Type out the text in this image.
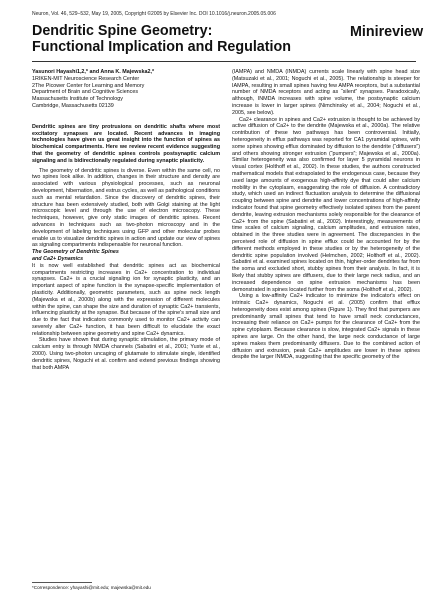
Neuron, Vol. 46, 529–532, May 19, 2005, Copyright ©2005 by Elsevier Inc. DOI 10.1016/j.neuron.2005.05.006
Dendritic Spine Geometry:
Functional Implication and Regulation
Minireview

Yasunori Hayashi1,2,* and Anna K. Majewska2,*
1RIKEN-MIT Neuroscience Research Center
2The Picower Center for Learning and Memory
Department of Brain and Cognitive Sciences
Massachusetts Institute of Technology
Cambridge, Massachusetts 02139

Dendritic spines are tiny protrusions on dendritic shafts where most excitatory synapses are located. Recent advances in imaging technologies have given us great insight into the function of spines as biochemical compartments. Here we review recent evidence suggesting that the geometry of dendritic spines controls postsynaptic calcium signaling and is bidirectionally regulated during synaptic plasticity.

The geometry of dendritic spines is diverse. Even within the same cell, no two spines look alike. In addition, changes in their structure and density are associated with various physiological processes, such as neuronal development, hibernation, and estrus cycles, as well as pathological conditions such as mental retardation. Since the discovery of dendritic spines, their structure has been extensively studied, both with Golgi staining at the light microscopic level and through the use of electron microscopy. These techniques, however, give only static images of dendritic spines. Recent advances in techniques such as two-photon microscopy and in the development of labeling techniques using GFP and other molecular probes enable us to visualize dendritic spines in action and update our view of spines as signaling compartments indispensable for neuronal function.

The Geometry of Dendritic Spines
and Ca2+ Dynamics

It is now well established that dendritic spines act as biochemical compartments restricting increases in Ca2+ concentration to individual synapses. Ca2+ is a crucial signaling ion for synaptic plasticity, and an important aspect of spine function is the synapse-specific implementation of plasticity. Additionally, geometric parameters, such as spine neck length (Majewska et al., 2000b) along with the expression of different molecules within the spine, can shape the size and duration of synaptic Ca2+ transients, influencing plasticity at the synapse. But because of the spine's small size and due to the fact that indicators commonly used to monitor Ca2+ activity can severely alter Ca2+ function, it has been difficult to elucidate the exact relationship between spine geometry and spine Ca2+ dynamics.

Studies have shown that during synaptic stimulation, the primary mode of calcium entry is through NMDA channels (Sabatini et al., 2001; Yuste et al., 2000). Using two-photon uncaging of glutamate to stimulate single, identified dendritic spines, Noguchi et al. confirm and extend previous findings showing that both AMPA

(IAMPA) and NMDA (INMDA) currents scale linearly with spine head size (Matsuzaki et al., 2001; Noguchi et al., 2005). The relationship is steeper for IAMPA, resulting in small spines having few AMPA receptors, but a substantial number of NMDA receptors and acting as “silent” synapses. Paradoxically, although, INMDA increases with spine volume, the postsynaptic calcium increase is lower in larger spines (Nimchinsky et al., 2004; Noguchi et al., 2005, see below).

Ca2+ clearance in spines and Ca2+ extrusion is thought to be achieved by active diffusion of Ca2+ to the dendrite (Majewska et al., 2000a). The relative contribution of these two pathways has been controversial. Initially, heterogeneity in efflux pathways was reported for CA1 pyramidal spines, with some spines showing efflux dominated by diffusion to the dendrite (“diffusers”) and others showing stronger extrusion (“pumpers”; Majewska et al., 2000a). Similar heterogeneity was also confirmed for layer 5 pyramidal neurons in visual cortex (Holthoff et al., 2002). In these studies, the authors constructed mathematical models that extrapolated to the endogenous case, because they used large amounts of exogenous high-affinity dye that could alter calcium mobility in the cytoplasm, exaggerating the role of diffusion. A contradictory study, which used an indirect fluctuation analysis to determine the diffusional coupling between spine and dendrite and lower concentrations of high-affinity indicator found that spine geometry effectively isolated spines from the parent dendrite, leaving extrusion mechanisms solely responsible for the clearance of Ca2+ from the spine (Sabatini et al., 2002). Interestingly, measurements of time scales of calcium signaling, calcium amplitudes, and extrusion rates, obtained in the three studies were in agreement. The discrepancies in the perceived role of diffusion in spine efflux could be accounted for by the different methods employed in these studies or by the heterogeneity of the dendritic spine population involved (Helmchen, 2002; Holthoff et al., 2002). Sabatini et al. examined spines located on thin, higher-order dendrites far from the soma and excluded short, stubby spines from their analysis. In fact, it is likely that stubby spines are diffusers, due to their large neck radius, and an increased dependence on spine extrusion mechanisms has been demonstrated in spines located further from the soma (Holthoff et al., 2002).

Using a low-affinity Ca2+ indicator to minimize the indicator's effect on intrinsic Ca2+ dynamics, Noguchi et al. (2005) confirm that efflux heterogeneity does exist among spines (Figure 1). They find that pumpers are predominantly small spines that tend to have small neck conductances, increasing their reliance on Ca2+ pumps for the clearance of Ca2+ from the spine cytoplasm. Because clearance is slow, integrated Ca2+ signals in these spines are large. On the other hand, the large neck conductance of large spines makes them predominantly diffusers. Due to the combined action of diffusion and extrusion, peak Ca2+ amplitudes are lower in these spines despite the larger INMDA, suggesting that the specific geometry of the

*Correspondence: yhayashi@mit.edu; majewska@mit.edu
